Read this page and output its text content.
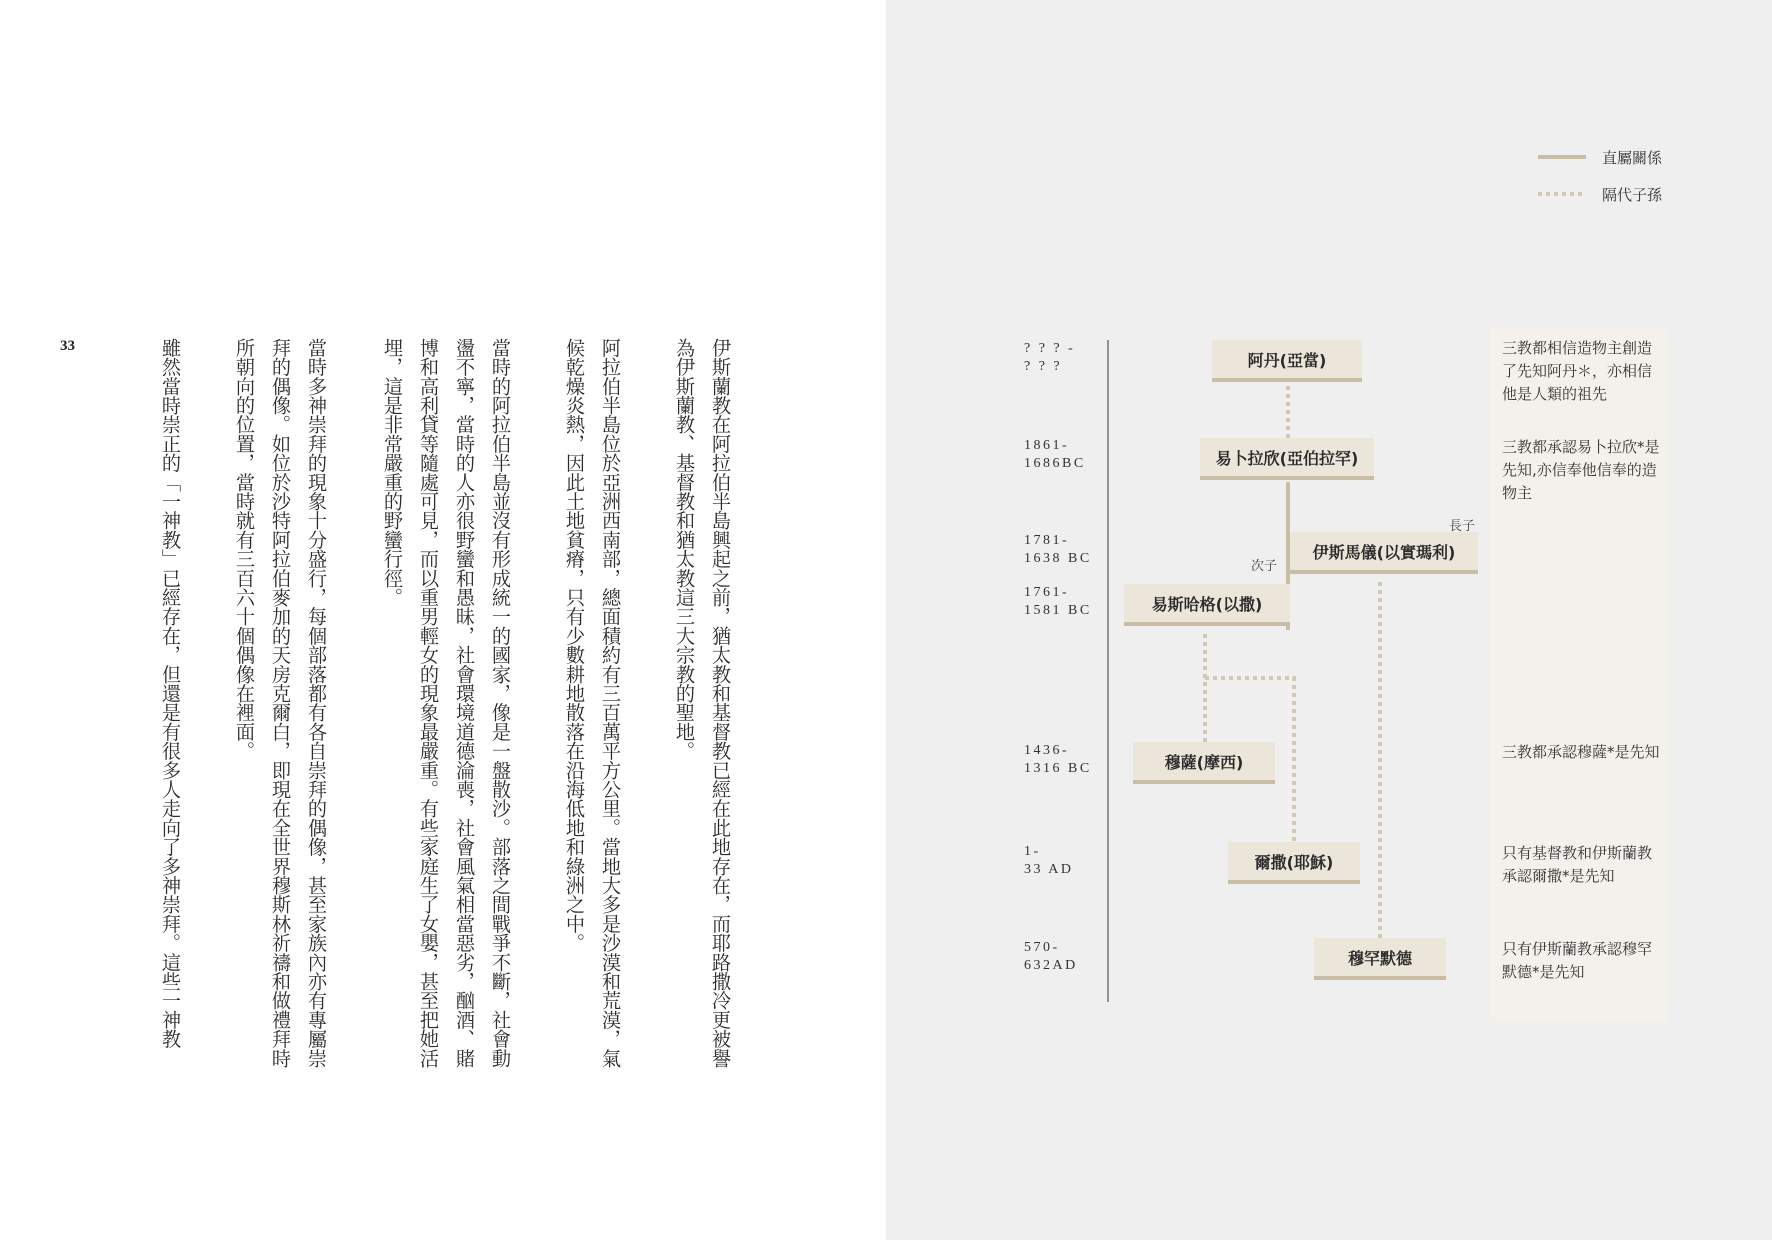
33	伊斯蘭教在阿拉伯半島興起之前，猶太教和基督教已經在此地存在，而耶路撒冷更被譽
為伊斯蘭教、基督教和猶太教這三大宗教的聖地。
阿拉伯半島位於亞洲西南部，總面積約有三百萬平方公里。當地大多是沙漠和荒漠，氣
候乾燥炎熱，因此土地貧瘠，只有少數耕地散落在沿海低地和綠洲之中。
當時的阿拉伯半島並沒有形成統一的國家，像是一盤散沙。部落之間戰爭不斷，社會動
盪不寧，當時的人亦很野蠻和愚昧，社會環境道德淪喪，社會風氣相當惡劣，酗酒、賭
博和高利貸等隨處可見，而以重男輕女的現象最嚴重。有些家庭生了女嬰，甚至把她活
埋，這是非常嚴重的野蠻行徑。
當時多神崇拜的現象十分盛行，每個部落都有各自崇拜的偶像，甚至家族內亦有專屬崇
拜的偶像。如位於沙特阿拉伯麥加的天房克爾白，即現在全世界穆斯林祈禱和做禮拜時
所朝向的位置，當時就有三百六十個偶像在裡面。
雖然當時崇正的「一神教」已經存在，但還是有很多人走向了多神崇拜。這些一神教
直屬關係
隔代子孫
? ? ? -
? ? ?
1861-
1686BC
1781-
1638 BC
1761-
1581 BC
1436-
1316 BC
1-
33 AD
570-
632AD
阿丹(亞當)
易卜拉欣(亞伯拉罕)
伊斯馬儀(以實瑪利)
易斯哈格(以撒)
穆薩(摩西)
爾撒(耶穌)
穆罕默德
長子
次子
三教都相信造物主創造了先知阿丹＊，亦相信他是人類的祖先
三教都承認易卜拉欣*是先知,亦信奉他信奉的造物主
三教都承認穆薩*是先知
只有基督教和伊斯蘭教承認爾撒*是先知
只有伊斯蘭教承認穆罕默德*是先知
